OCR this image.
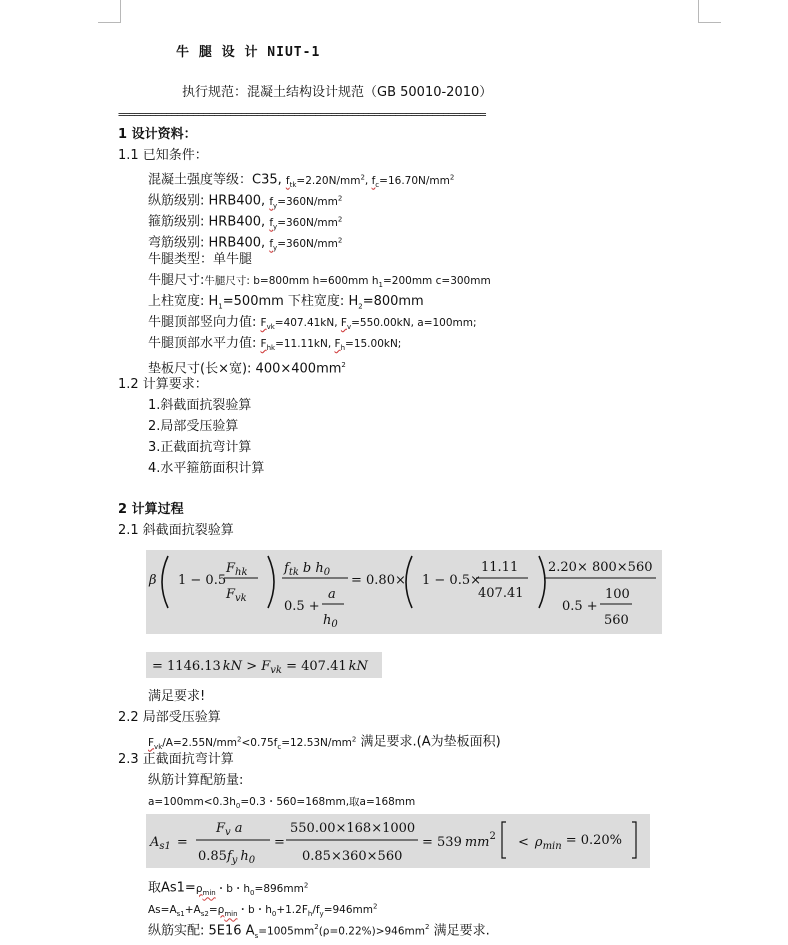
牛 腿 设 计 NIUT-1
执行规范：混凝土结构设计规范（GB 50010-2010）
=====================================================================
1 设计资料：
1.1 已知条件：
混凝土强度等级：C35, $f_{tk}=2.20N/mm^2$, $f_c=16.70N/mm^2$
纵筋级别: HRB400, $f_y=360N/mm^2$
箍筋级别: HRB400, $f_y=360N/mm^2$
弯筋级别: HRB400, $f_y=360N/mm^2$
牛腿类型：单牛腿
牛腿尺寸:牛腿尺寸: b=800mm h=600mm $h_1=200mm$ c=300mm
上柱宽度: $H_1=500mm$ 下柱宽度: $H_2=800mm$
牛腿顶部竖向力值: $F_{vk}=407.41kN$, $F_v=550.00kN$, a=100mm;
牛腿顶部水平力值: $F_{hk}=11.11kN$, $F_h=15.00kN$;
垫板尺寸(长×宽): $400\times 400mm^2$
1.2 计算要求：
1.斜截面抗裂验算
2.局部受压验算
3.正截面抗弯计算
4.水平箍筋面积计算
2 计算过程
2.1 斜截面抗裂验算
β 1 − 0.5
$F_{hk}$
$F_{vk}$
$f_{tk}$ b $h_0$
0.5 +
a
$h_0$
= 0.80× 1 − 0.5×
11.11
407.41
2.20× 800×560
0.5 +
100
560
= 1146.13 kN > $F_{vk} = 407.41$ kN
满足要求!
2.2 局部受压验算
$F_{vk}/A=2.55N/mm^2<0.75f_c=12.53N/mm^2$ 满足要求.(A为垫板面积)
2.3 正截面抗弯计算
纵筋计算配筋量:
$a=100mm<0.3h_0=0.3$・560=168mm,取a=168mm
$A_{s1}$ =
$F_v$ a
$0.85f_y$ $h_0$
=
550.00×168×1000
0.85×360×560
= 539 $mm^2 < \rho_{min} = 0.20\%$
取$As1=\rho_{min}$・b・$h_0=896mm^2$
$As=A_{s1}+A_{s2}=\rho_{min}$・b・$h_0+1.2F_h/f_y=946mm^2$
纵筋实配: 5E16 $A_s=1005mm^2(\rho=0.22\%)>946mm^2$ 满足要求.
